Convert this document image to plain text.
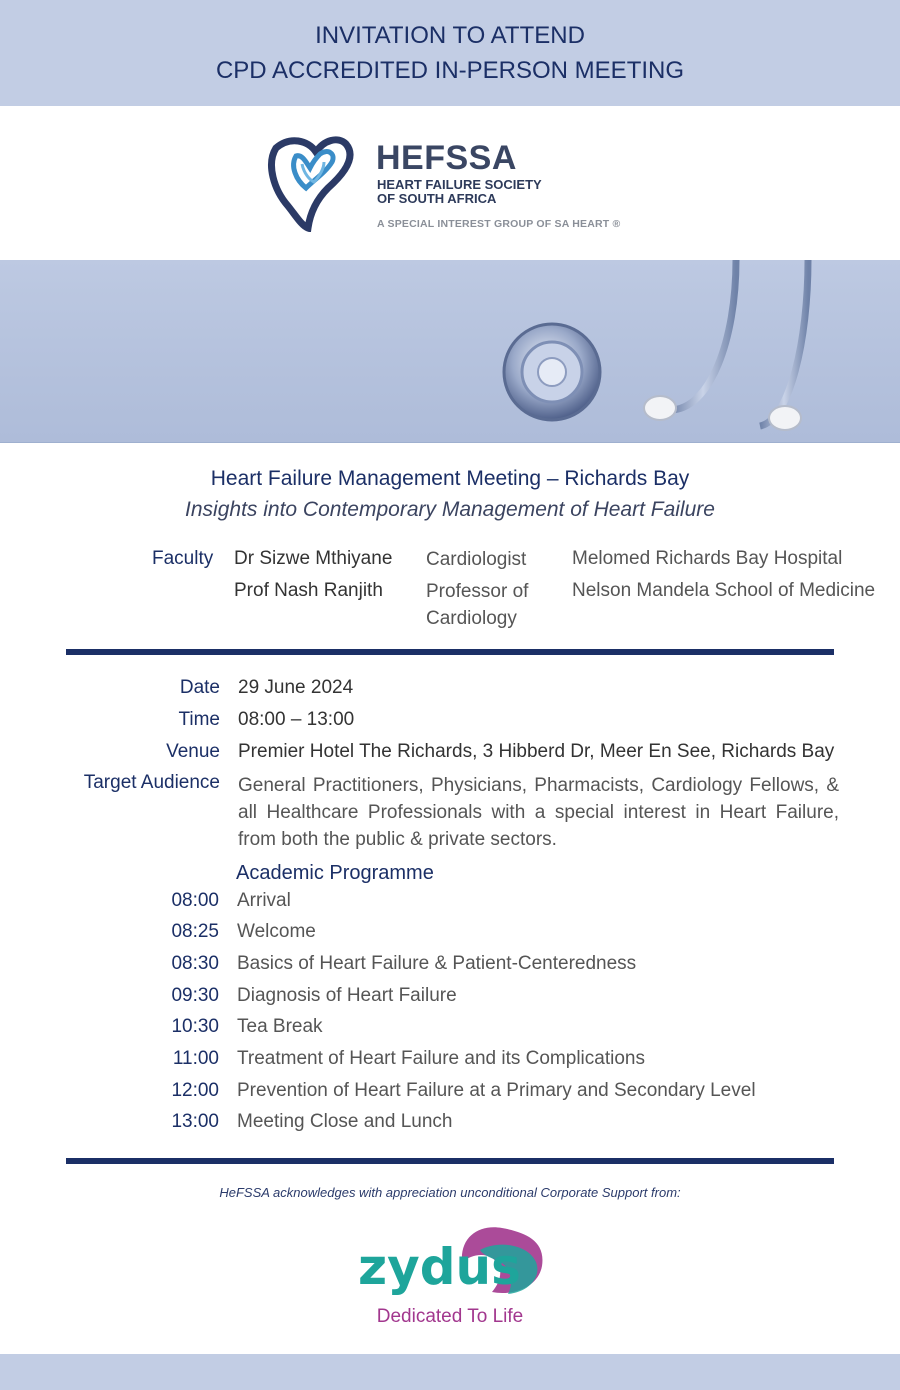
INVITATION TO ATTEND
CPD ACCREDITED IN-PERSON MEETING
HEFSSA
HEART FAILURE SOCIETY
OF SOUTH AFRICA
A SPECIAL INTEREST GROUP OF SA HEART ®
Heart Failure Management Meeting – Richards Bay
Insights into Contemporary Management of Heart Failure
Faculty Dr Sizwe Mthiyane Cardiologist	Melomed Richards Bay Hospital
Prof Nash Ranjith Professor of Cardiology
Nelson Mandela School of Medicine
Date 29 June 2024
Time 08:00 – 13:00
Venue Premier Hotel The Richards, 3 Hibberd Dr, Meer En See, Richards Bay
Target Audience General Practitioners, Physicians, Pharmacists, Cardiology Fellows, & all Healthcare Professionals with a special interest in Heart Failure, from both the public & private sectors.
Academic Programme
08:00 Arrival
08:25 Welcome
08:30 Basics of Heart Failure & Patient-Centeredness
09:30 Diagnosis of Heart Failure
10:30 Tea Break
11:00 Treatment of Heart Failure and its Complications
12:00 Prevention of Heart Failure at a Primary and Secondary Level
13:00 Meeting Close and Lunch
HeFSSA acknowledges with appreciation unconditional Corporate Support from:
zydus
Dedicated To Life
